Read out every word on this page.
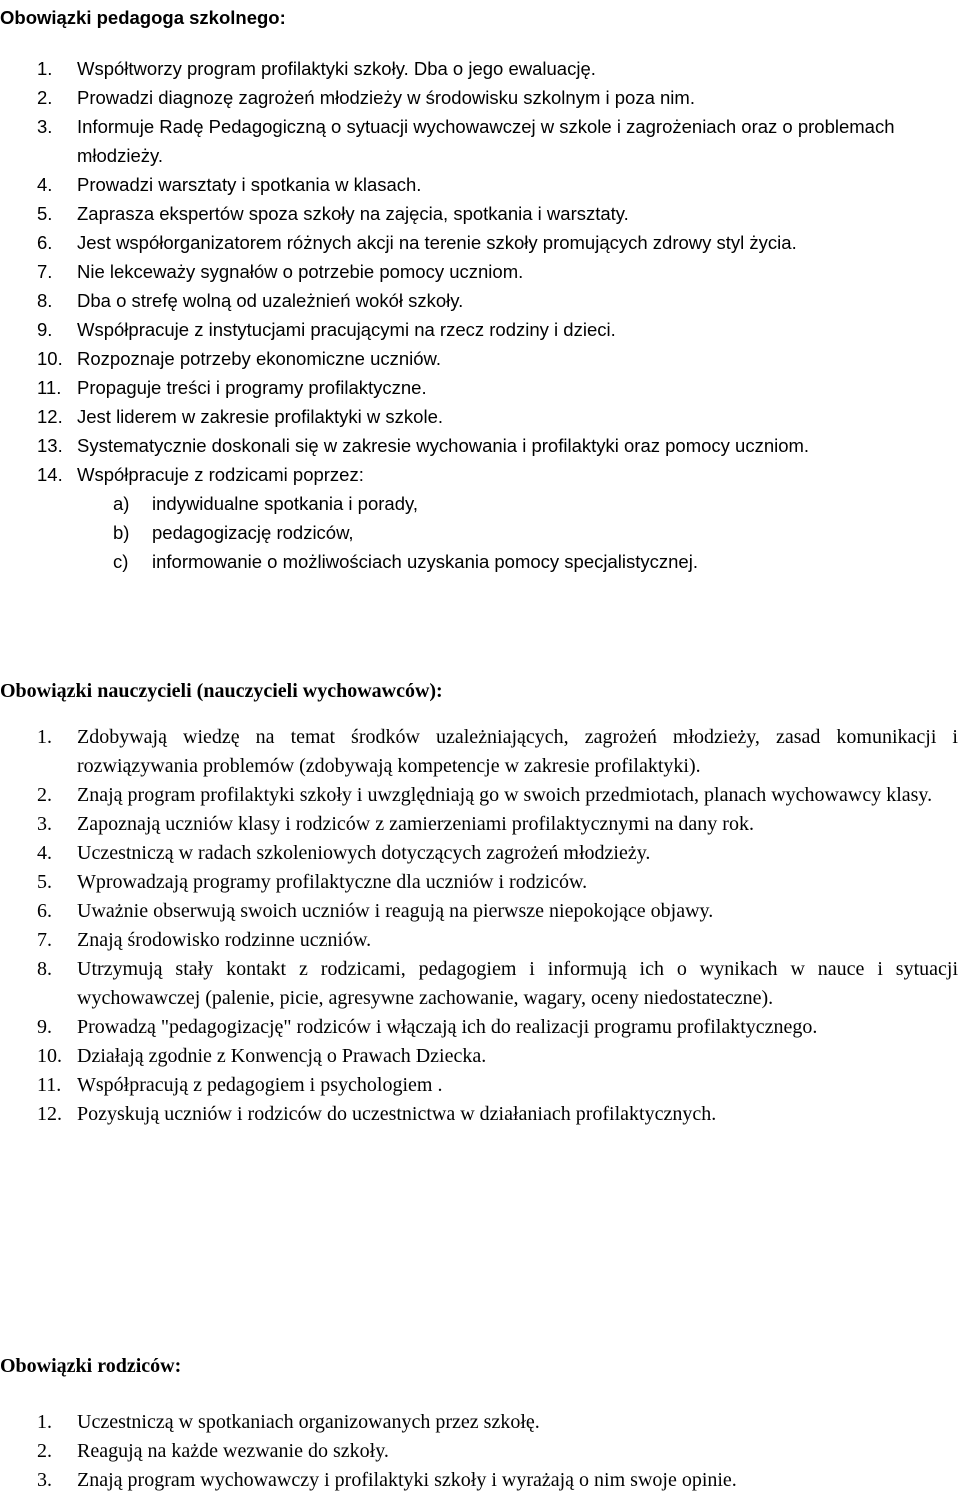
Obowiązki pedagoga szkolnego:
1. Współtworzy program profilaktyki szkoły. Dba o jego ewaluację.
2. Prowadzi diagnozę zagrożeń młodzieży w środowisku szkolnym i poza nim.
3. Informuje Radę Pedagogiczną o sytuacji wychowawczej w szkole i zagrożeniach oraz o problemach młodzieży.
4. Prowadzi warsztaty i spotkania w klasach.
5. Zaprasza ekspertów spoza szkoły na zajęcia, spotkania i warsztaty.
6. Jest współorganizatorem różnych akcji na terenie szkoły promujących zdrowy styl życia.
7. Nie lekceważy sygnałów o potrzebie pomocy uczniom.
8. Dba o strefę wolną od uzależnień wokół szkoły.
9. Współpracuje z instytucjami pracującymi na rzecz rodziny i dzieci.
10. Rozpoznaje potrzeby ekonomiczne uczniów.
11. Propaguje treści i programy profilaktyczne.
12. Jest liderem w zakresie profilaktyki w szkole.
13. Systematycznie doskonali się w zakresie wychowania i profilaktyki oraz pomocy uczniom.
14. Współpracuje z rodzicami poprzez:
a) indywidualne spotkania i porady,
b) pedagogizację rodziców,
c) informowanie o możliwościach uzyskania pomocy specjalistycznej.
Obowiązki nauczycieli (nauczycieli wychowawców):
1. Zdobywają wiedzę na temat środków uzależniających, zagrożeń młodzieży, zasad komunikacji i rozwiązywania problemów (zdobywają kompetencje w zakresie profilaktyki).
2. Znają program profilaktyki szkoły i uwzględniają go w swoich przedmiotach, planach wychowawcy klasy.
3. Zapoznają uczniów klasy i rodziców z zamierzeniami profilaktycznymi na dany rok.
4. Uczestniczą w radach szkoleniowych dotyczących zagrożeń młodzieży.
5. Wprowadzają programy profilaktyczne dla uczniów i rodziców.
6. Uważnie obserwują swoich uczniów i reagują na pierwsze niepokojące objawy.
7. Znają środowisko rodzinne uczniów.
8. Utrzymują stały kontakt z rodzicami, pedagogiem i informują ich o wynikach w nauce i sytuacji wychowawczej (palenie, picie, agresywne zachowanie, wagary, oceny niedostateczne).
9. Prowadzą "pedagogizację" rodziców i włączają ich do realizacji programu profilaktycznego.
10. Działają zgodnie z Konwencją o Prawach Dziecka.
11. Współpracują z pedagogiem i psychologiem .
12. Pozyskują uczniów i rodziców do uczestnictwa w działaniach profilaktycznych.
Obowiązki rodziców:
1. Uczestniczą w spotkaniach organizowanych przez szkołę.
2. Reagują na każde wezwanie do szkoły.
3. Znają program wychowawczy i profilaktyki szkoły i wyrażają o nim swoje opinie.
